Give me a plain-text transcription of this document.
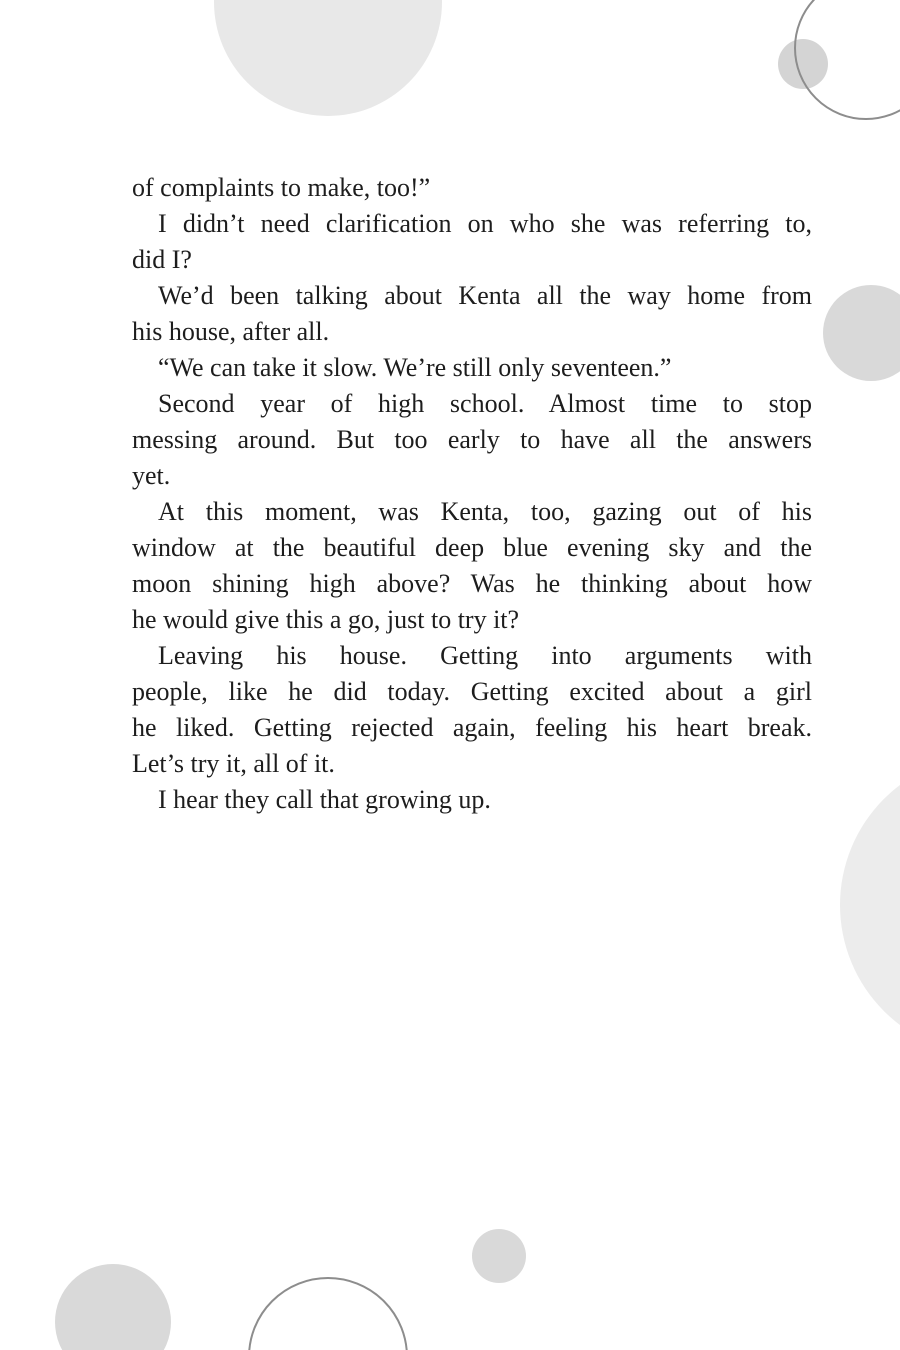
of complaints to make, too!”
I didn’t need clarification on who she was referring to,
did I?
We’d been talking about Kenta all the way home from
his house, after all.
“We can take it slow. We’re still only seventeen.”
Second year of high school. Almost time to stop
messing around. But too early to have all the answers
yet.
At this moment, was Kenta, too, gazing out of his
window at the beautiful deep blue evening sky and the
moon shining high above? Was he thinking about how
he would give this a go, just to try it?
Leaving his house. Getting into arguments with
people, like he did today. Getting excited about a girl
he liked. Getting rejected again, feeling his heart break.
Let’s try it, all of it.
I hear they call that growing up.
